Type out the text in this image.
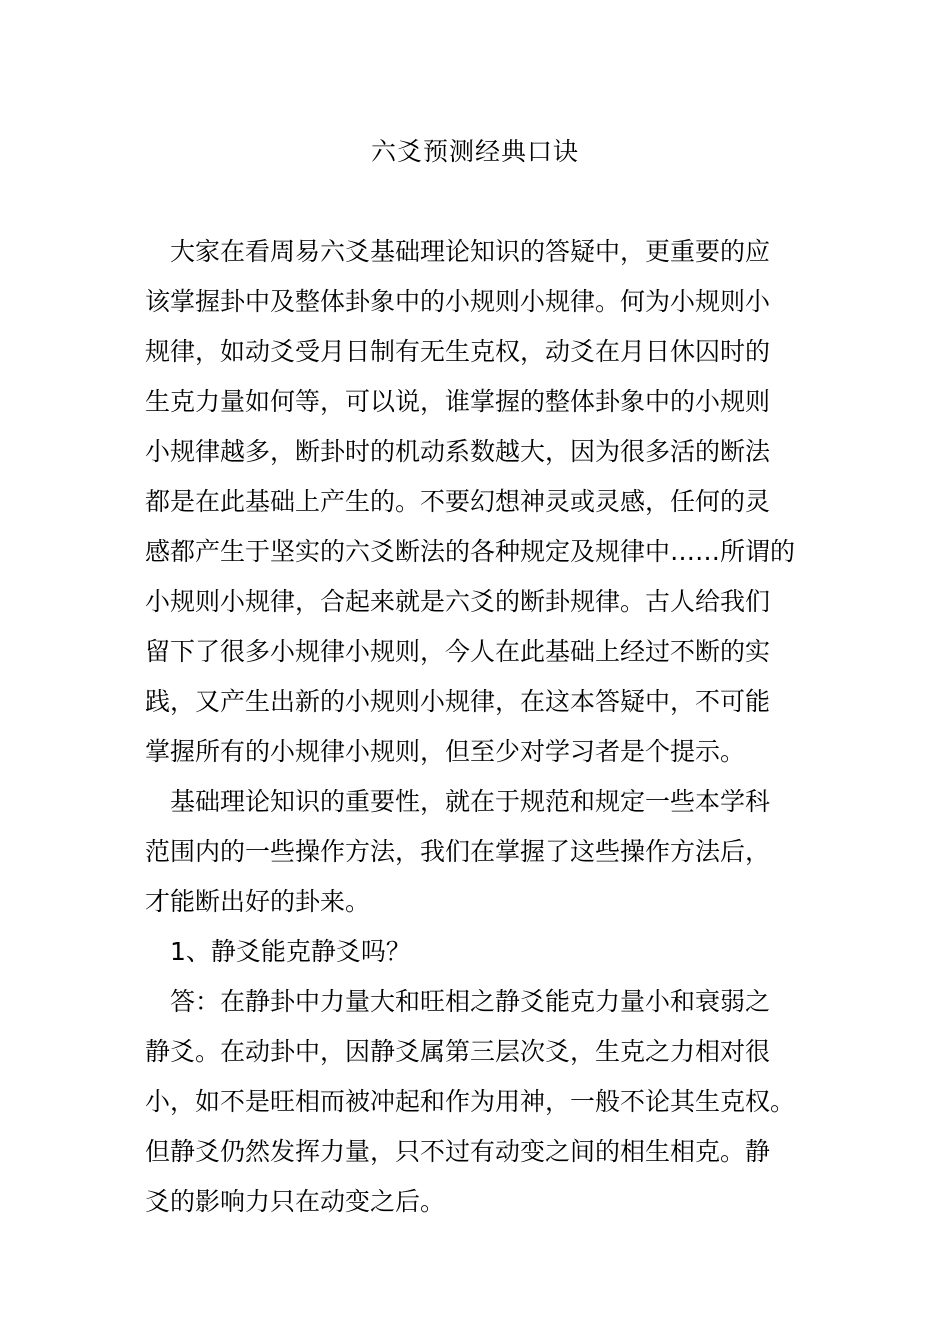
六爻预测经典口诀
　大家在看周易六爻基础理论知识的答疑中，更重要的应
该掌握卦中及整体卦象中的小规则小规律。何为小规则小
规律，如动爻受月日制有无生克权，动爻在月日休囚时的
生克力量如何等，可以说，谁掌握的整体卦象中的小规则
小规律越多，断卦时的机动系数越大，因为很多活的断法
都是在此基础上产生的。不要幻想神灵或灵感，任何的灵
感都产生于坚实的六爻断法的各种规定及规律中……所谓的
小规则小规律，合起来就是六爻的断卦规律。古人给我们
留下了很多小规律小规则，今人在此基础上经过不断的实
践，又产生出新的小规则小规律，在这本答疑中，不可能
掌握所有的小规律小规则，但至少对学习者是个提示。
　基础理论知识的重要性，就在于规范和规定一些本学科
范围内的一些操作方法，我们在掌握了这些操作方法后，
才能断出好的卦来。
　1、静爻能克静爻吗？
　答：在静卦中力量大和旺相之静爻能克力量小和衰弱之
静爻。在动卦中，因静爻属第三层次爻，生克之力相对很
小，如不是旺相而被冲起和作为用神，一般不论其生克权。
但静爻仍然发挥力量，只不过有动变之间的相生相克。静
爻的影响力只在动变之后。
